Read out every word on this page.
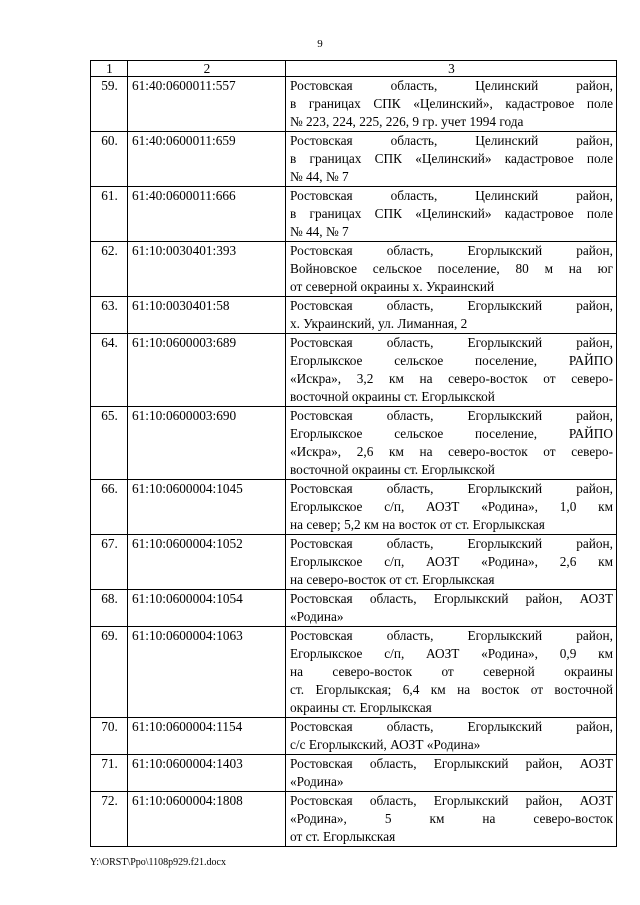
9
1	2	3
59.	61:40:0600011:557	Ростовская область, Целинский район,
в границах СПК «Целинский», кадастровое поле
№ 223, 224, 225, 226, 9 гр. учет 1994 года

60.	61:40:0600011:659	Ростовская область, Целинский район,
в границах СПК «Целинский» кадастровое поле
№ 44, № 7

61.	61:40:0600011:666	Ростовская область, Целинский район,
в границах СПК «Целинский» кадастровое поле
№ 44, № 7

62.	61:10:0030401:393	Ростовская область, Егорлыкский район,
Войновское сельское поселение, 80 м на юг
от северной окраины х. Украинский

63.	61:10:0030401:58	Ростовская область, Егорлыкский район,
х. Украинский, ул. Лиманная, 2

64.	61:10:0600003:689	Ростовская область, Егорлыкский район,
Егорлыкское сельское поселение, РАЙПО
«Искра», 3,2 км на северо-восток от северо-
восточной окраины ст. Егорлыкской

65.	61:10:0600003:690	Ростовская область, Егорлыкский район,
Егорлыкское сельское поселение, РАЙПО
«Искра», 2,6 км на северо-восток от северо-
восточной окраины ст. Егорлыкской

66.	61:10:0600004:1045	Ростовская область, Егорлыкский район,
Егорлыкское с/п, АОЗТ «Родина», 1,0 км
на север; 5,2 км на восток от ст. Егорлыкская

67.	61:10:0600004:1052	Ростовская область, Егорлыкский район,
Егорлыкское с/п, АОЗТ «Родина», 2,6 км
на северо-восток от ст. Егорлыкская

68.	61:10:0600004:1054	Ростовская область, Егорлыкский район, АОЗТ
«Родина»

69.	61:10:0600004:1063	Ростовская область, Егорлыкский район,
Егорлыкское с/п, АОЗТ «Родина», 0,9 км
на северо-восток от северной окраины
ст. Егорлыкская; 6,4 км на восток от восточной
окраины ст. Егорлыкская

70.	61:10:0600004:1154	Ростовская область, Егорлыкский район,
с/с Егорлыкский, АОЗТ «Родина»

71.	61:10:0600004:1403	Ростовская область, Егорлыкский район, АОЗТ
«Родина»

72.	61:10:0600004:1808	Ростовская область, Егорлыкский район, АОЗТ
«Родина», 5 км на северо-восток
от ст. Егорлыкская
Y:\ORST\Ppo\1108p929.f21.docx
